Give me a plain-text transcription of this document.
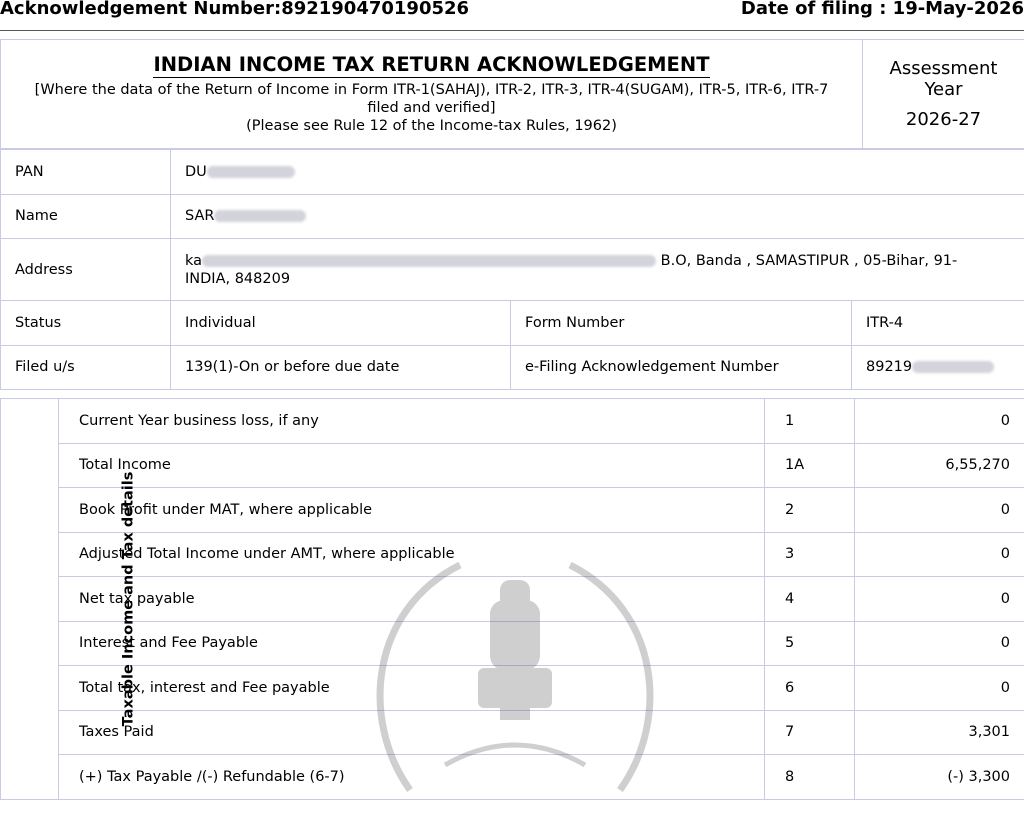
Acknowledgement Number:892190470190526	Date of filing : 19-May-2026
INDIAN INCOME TAX RETURN ACKNOWLEDGEMENT
[Where the data of the Return of Income in Form ITR-1(SAHAJ), ITR-2, ITR-3, ITR-4(SUGAM), ITR-5, ITR-6, ITR-7
filed and verified]
(Please see Rule 12 of the Income-tax Rules, 1962)

Assessment
Year
2026-27
PAN	DU		
Name	SAR		
Address	ka B.O, Banda , SAMASTIPUR , 05-Bihar, 91-
INDIA, 848209		
Status	Individual	Form Number	ITR-4
Filed u/s	139(1)-On or before due date	e-Filing Acknowledgement Number	89219
Taxable Income and Tax details	Current Year business loss, if any	1	0
	Total Income	1A	6,55,270
	Book Profit under MAT, where applicable	2	0
	Adjusted Total Income under AMT, where applicable	3	0
	Net tax payable	4	0
	Interest and Fee Payable	5	0
	Total tax, interest and Fee payable	6	0
	Taxes Paid	7	3,301
	(+) Tax Payable /(-) Refundable (6-7)	8	(-) 3,300
